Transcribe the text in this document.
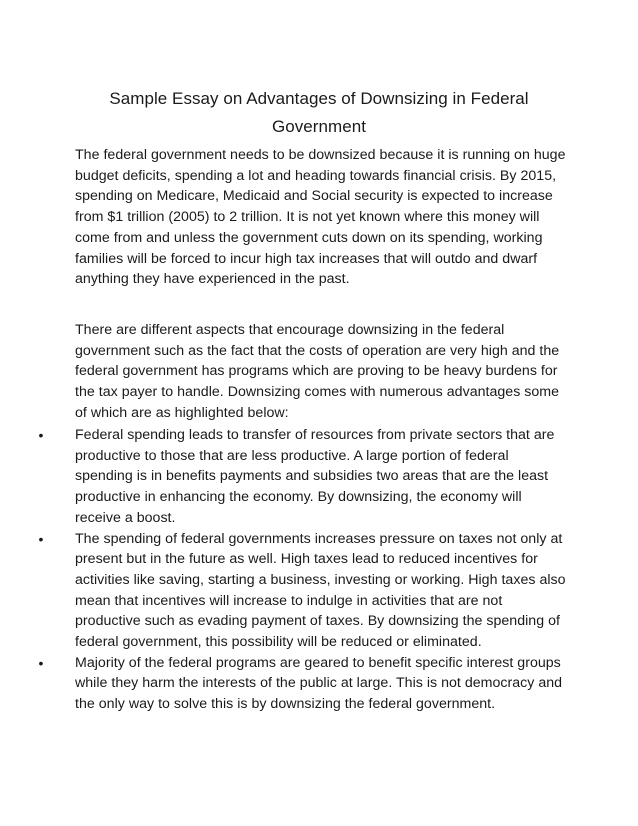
Sample Essay on Advantages of Downsizing in Federal Government

The federal government needs to be downsized because it is running on huge budget deficits, spending a lot and heading towards financial crisis. By 2015, spending on Medicare, Medicaid and Social security is expected to increase from $1 trillion (2005) to 2 trillion. It is not yet known where this money will come from and unless the government cuts down on its spending, working families will be forced to incur high tax increases that will outdo and dwarf anything they have experienced in the past.

There are different aspects that encourage downsizing in the federal government such as the fact that the costs of operation are very high and the federal government has programs which are proving to be heavy burdens for the tax payer to handle. Downsizing comes with numerous advantages some of which are as highlighted below:

•	Federal spending leads to transfer of resources from private sectors that are productive to those that are less productive. A large portion of federal spending is in benefits payments and subsidies two areas that are the least productive in enhancing the economy. By downsizing, the economy will receive a boost.
•	The spending of federal governments increases pressure on taxes not only at present but in the future as well. High taxes lead to reduced incentives for activities like saving, starting a business, investing or working. High taxes also mean that incentives will increase to indulge in activities that are not productive such as evading payment of taxes. By downsizing the spending of federal government, this possibility will be reduced or eliminated.
•	Majority of the federal programs are geared to benefit specific interest groups while they harm the interests of the public at large. This is not democracy and the only way to solve this is by downsizing the federal government.
